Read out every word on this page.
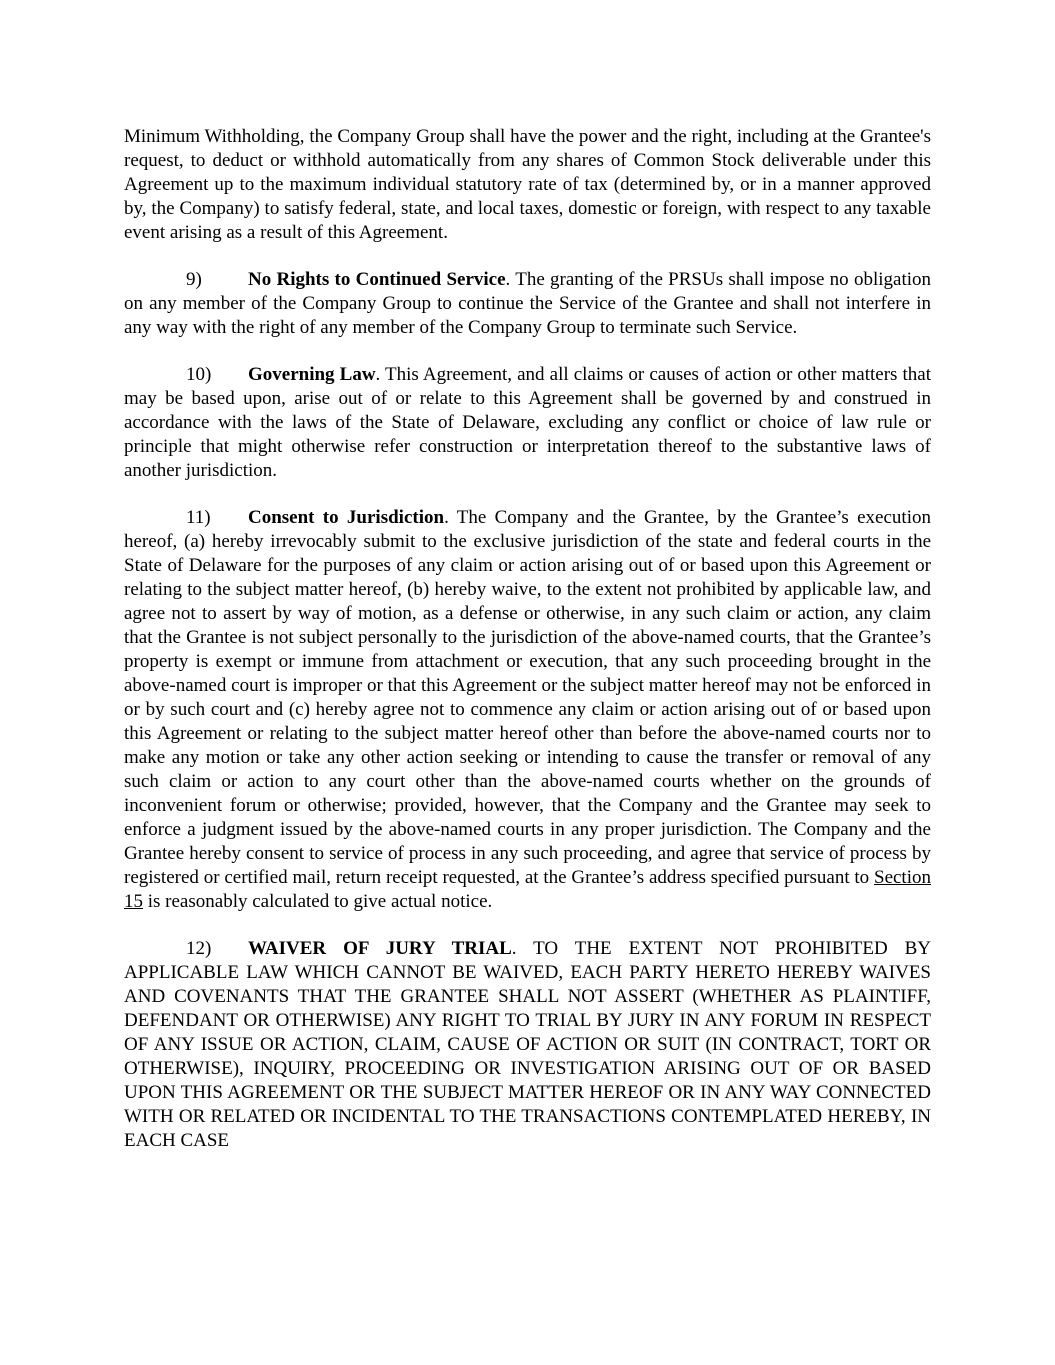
Minimum Withholding, the Company Group shall have the power and the right, including at the Grantee's request, to deduct or withhold automatically from any shares of Common Stock deliverable under this Agreement up to the maximum individual statutory rate of tax (determined by, or in a manner approved by, the Company) to satisfy federal, state, and local taxes, domestic or foreign, with respect to any taxable event arising as a result of this Agreement.

9) No Rights to Continued Service. The granting of the PRSUs shall impose no obligation on any member of the Company Group to continue the Service of the Grantee and shall not interfere in any way with the right of any member of the Company Group to terminate such Service.

10) Governing Law. This Agreement, and all claims or causes of action or other matters that may be based upon, arise out of or relate to this Agreement shall be governed by and construed in accordance with the laws of the State of Delaware, excluding any conflict or choice of law rule or principle that might otherwise refer construction or interpretation thereof to the substantive laws of another jurisdiction.

11) Consent to Jurisdiction. The Company and the Grantee, by the Grantee’s execution hereof, (a) hereby irrevocably submit to the exclusive jurisdiction of the state and federal courts in the State of Delaware for the purposes of any claim or action arising out of or based upon this Agreement or relating to the subject matter hereof, (b) hereby waive, to the extent not prohibited by applicable law, and agree not to assert by way of motion, as a defense or otherwise, in any such claim or action, any claim that the Grantee is not subject personally to the jurisdiction of the above-named courts, that the Grantee’s property is exempt or immune from attachment or execution, that any such proceeding brought in the above-named court is improper or that this Agreement or the subject matter hereof may not be enforced in or by such court and (c) hereby agree not to commence any claim or action arising out of or based upon this Agreement or relating to the subject matter hereof other than before the above-named courts nor to make any motion or take any other action seeking or intending to cause the transfer or removal of any such claim or action to any court other than the above-named courts whether on the grounds of inconvenient forum or otherwise; provided, however, that the Company and the Grantee may seek to enforce a judgment issued by the above-named courts in any proper jurisdiction. The Company and the Grantee hereby consent to service of process in any such proceeding, and agree that service of process by registered or certified mail, return receipt requested, at the Grantee’s address specified pursuant to Section 15 is reasonably calculated to give actual notice.

12) WAIVER OF JURY TRIAL. TO THE EXTENT NOT PROHIBITED BY APPLICABLE LAW WHICH CANNOT BE WAIVED, EACH PARTY HERETO HEREBY WAIVES AND COVENANTS THAT THE GRANTEE SHALL NOT ASSERT (WHETHER AS PLAINTIFF, DEFENDANT OR OTHERWISE) ANY RIGHT TO TRIAL BY JURY IN ANY FORUM IN RESPECT OF ANY ISSUE OR ACTION, CLAIM, CAUSE OF ACTION OR SUIT (IN CONTRACT, TORT OR OTHERWISE), INQUIRY, PROCEEDING OR INVESTIGATION ARISING OUT OF OR BASED UPON THIS AGREEMENT OR THE SUBJECT MATTER HEREOF OR IN ANY WAY CONNECTED WITH OR RELATED OR INCIDENTAL TO THE TRANSACTIONS CONTEMPLATED HEREBY, IN EACH CASE
